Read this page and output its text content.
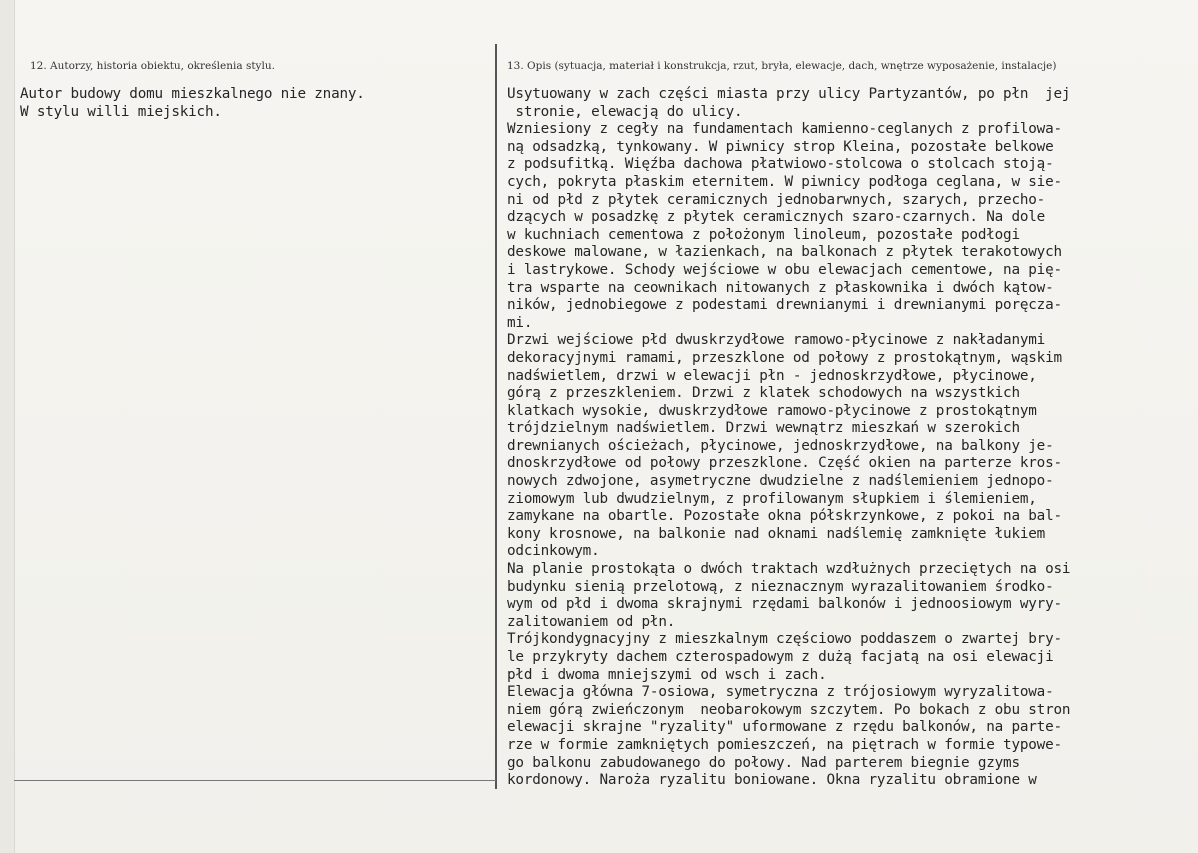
12. Autorzy, historia obiektu, określenia stylu.

Autor budowy domu mieszkalnego nie znany.

W stylu willi miejskich.

13. Opis (sytuacja, materiał i konstrukcja, rzut, bryła, elewacje, dach, wnętrze wyposażenie, instalacje)

Usytuowany w zach części miasta przy ulicy Partyzantów, po płn  jej

stronie, elewacją do ulicy.

Wzniesiony z cegły na fundamentach kamienno-ceglanych z profilowa-

ną odsadzką, tynkowany. W piwnicy strop Kleina, pozostałe belkowe

z podsufitką. Więźba dachowa płatwiowo-stolcowa o stolcach stoją-

cych, pokryta płaskim eternitem. W piwnicy podłoga ceglana, w sie-

ni od płd z płytek ceramicznych jednobarwnych, szarych, przecho-

dzących w posadzkę z płytek ceramicznych szaro-czarnych. Na dole

w kuchniach cementowa z położonym linoleum, pozostałe podłogi

deskowe malowane, w łazienkach, na balkonach z płytek terakotowych

i lastrykowe. Schody wejściowe w obu elewacjach cementowe, na pię-

tra wsparte na ceownikach nitowanych z płaskownika i dwóch kątow-

ników, jednobiegowe z podestami drewnianymi i drewnianymi poręcza-

mi.

Drzwi wejściowe płd dwuskrzydłowe ramowo-płycinowe z nakładanymi

dekoracyjnymi ramami, przeszklone od połowy z prostokątnym, wąskim

nadświetlem, drzwi w elewacji płn - jednoskrzydłowe, płycinowe,

górą z przeszkleniem. Drzwi z klatek schodowych na wszystkich

klatkach wysokie, dwuskrzydłowe ramowo-płycinowe z prostokątnym

trójdzielnym nadświetlem. Drzwi wewnątrz mieszkań w szerokich

drewnianych ościeżach, płycinowe, jednoskrzydłowe, na balkony je-

dnoskrzydłowe od połowy przeszklone. Część okien na parterze kros-

nowych zdwojone, asymetryczne dwudzielne z nadślemieniem jednopo-

ziomowym lub dwudzielnym, z profilowanym słupkiem i ślemieniem,

zamykane na obartle. Pozostałe okna półskrzynkowe, z pokoi na bal-

kony krosnowe, na balkonie nad oknami nadślemię zamknięte łukiem

odcinkowym.

Na planie prostokąta o dwóch traktach wzdłużnych przeciętych na osi

budynku sienią przelotową, z nieznacznym wyrazalitowaniem środko-

wym od płd i dwoma skrajnymi rzędami balkonów i jednoosiowym wyry-

zalitowaniem od płn.

Trójkondygnacyjny z mieszkalnym częściowo poddaszem o zwartej bry-

le przykryty dachem czterospadowym z dużą facjatą na osi elewacji

płd i dwoma mniejszymi od wsch i zach.

Elewacja główna 7-osiowa, symetryczna z trójosiowym wyryzalitowa-

niem górą zwieńczonym  neobarokowym szczytem. Po bokach z obu stron

elewacji skrajne "ryzality" uformowane z rzędu balkonów, na parte-

rze w formie zamkniętych pomieszczeń, na piętrach w formie typowe-

go balkonu zabudowanego do połowy. Nad parterem biegnie gzyms

kordonowy. Naroża ryzalitu boniowane. Okna ryzalitu obramione w
